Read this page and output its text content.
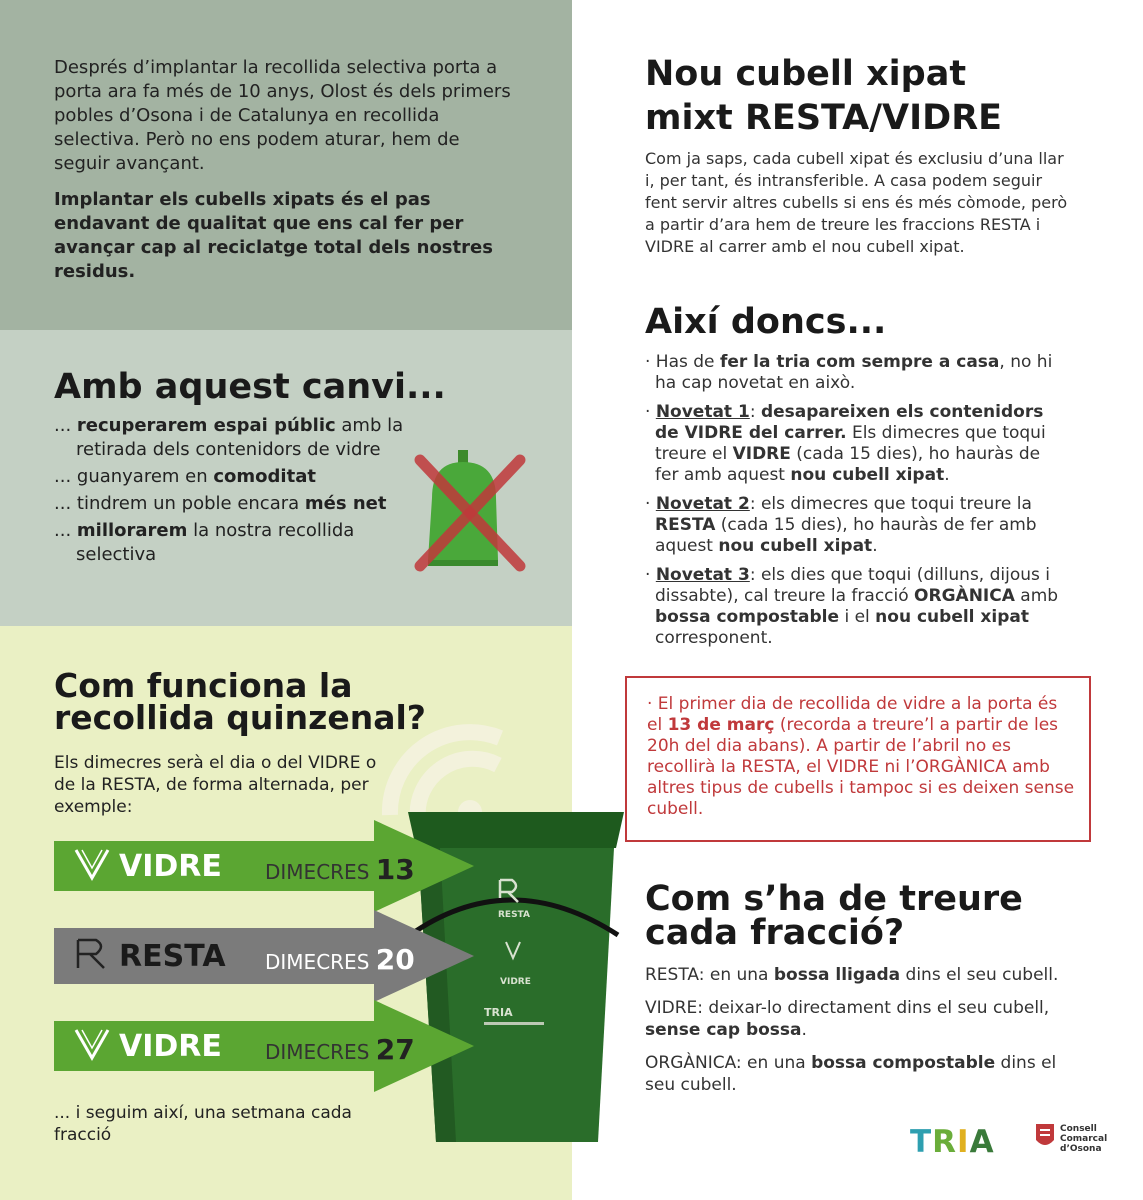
Després d’implantar la recollida selectiva porta a porta ara fa més de 10 anys, Olost és dels primers pobles d’Osona i de Catalunya en recollida selectiva. Però no ens podem aturar, hem de seguir avançant.

Implantar els cubells xipats és el pas endavant de qualitat que ens cal fer per avançar cap al reciclatge total dels nostres residus.

Amb aquest canvi...
... recuperarem espai públic amb la retirada dels contenidors de vidre
... guanyarem en comoditat
... tindrem un poble encara més net
... millorarem la nostra recollida selectiva
Com funciona la recollida quinzenal?
Els dimecres serà el dia o del VIDRE o de la RESTA, de forma alternada, per exemple:
RESTA
VIDRE
TRIA
VIDRE DIMECRES 13
RESTA DIMECRES 20
VIDRE DIMECRES 27
... i seguim així, una setmana cada fracció
Nou cubell xipat
mixt RESTA/VIDRE
Com ja saps, cada cubell xipat és exclusiu d’una llar i, per tant, és intransferible. A casa podem seguir fent servir altres cubells si ens és més còmode, però a partir d’ara hem de treure les fraccions RESTA i VIDRE al carrer amb el nou cubell xipat.
Així doncs...
· Has de fer la tria com sempre a casa, no hi ha cap novetat en això.
· Novetat 1: desapareixen els contenidors de VIDRE del carrer. Els dimecres que toqui treure el VIDRE (cada 15 dies), ho hauràs de fer amb aquest nou cubell xipat.
· Novetat 2: els dimecres que toqui treure la RESTA (cada 15 dies), ho hauràs de fer amb aquest nou cubell xipat.
· Novetat 3: els dies que toqui (dilluns, dijous i dissabte), cal treure la fracció ORGÀNICA amb bossa compostable i el nou cubell xipat corresponent.
· El primer dia de recollida de vidre a la porta és el 13 de març (recorda a treure’l a partir de les 20h del dia abans). A partir de l’abril no es recollirà la RESTA, el VIDRE ni l’ORGÀNICA amb altres tipus de cubells i tampoc si es deixen sense cubell.
Com s’ha de treure
cada fracció?

RESTA: en una bossa lligada dins el seu cubell.

VIDRE: deixar-lo directament dins el seu cubell, sense cap bossa.

ORGÀNICA: en una bossa compostable dins el seu cubell.

TRIA	Consell Comarcal d’Osona
